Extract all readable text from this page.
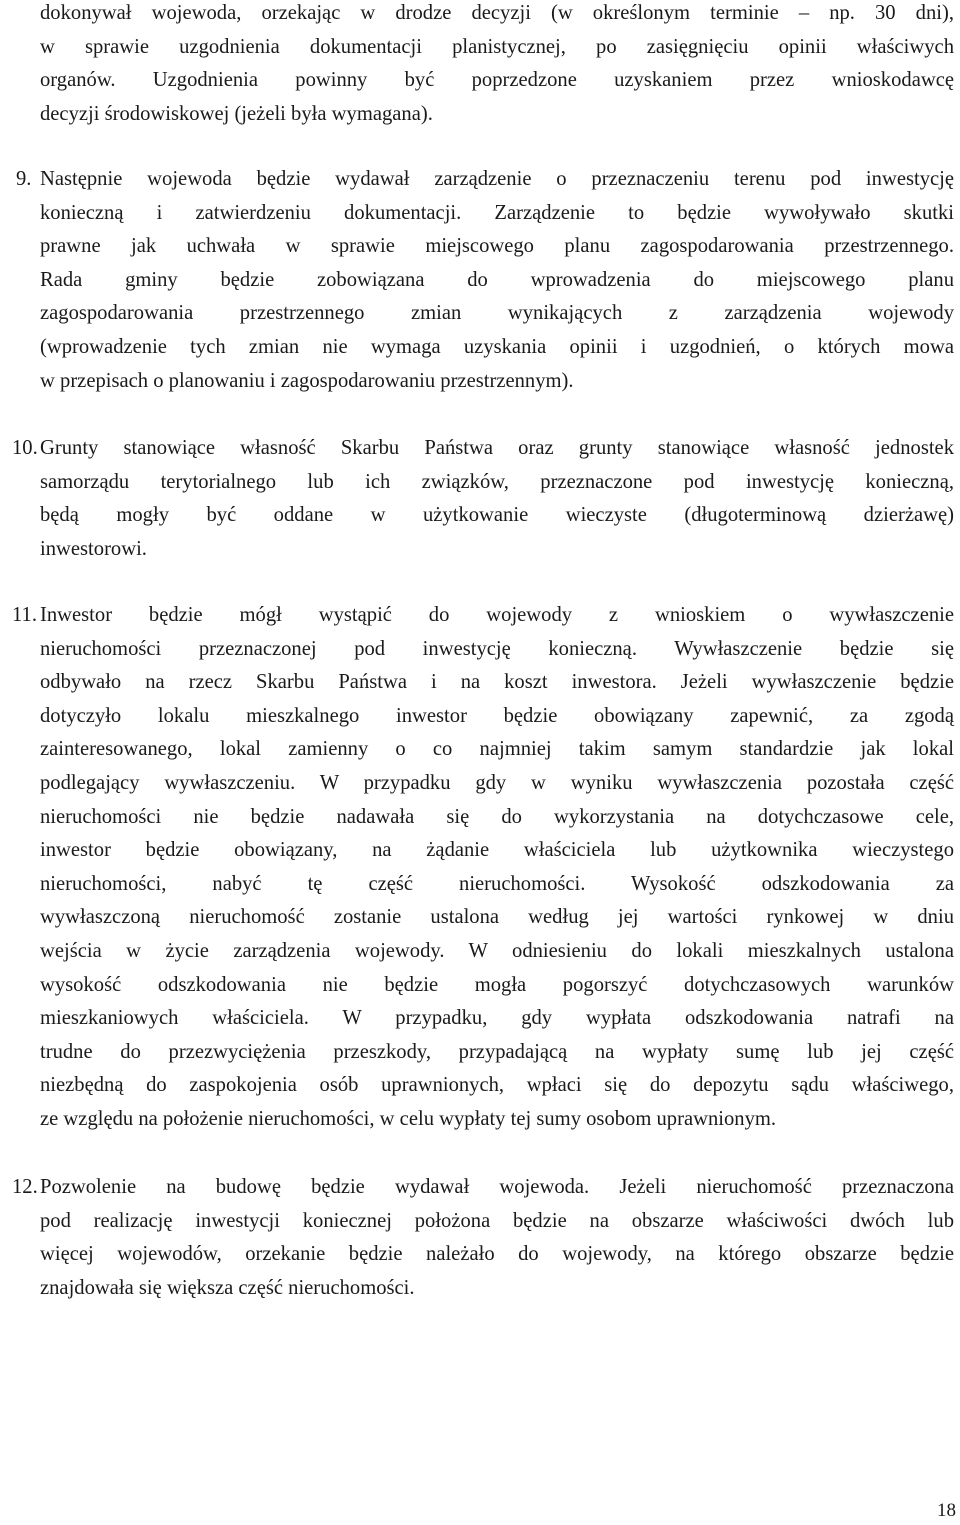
dokonywał wojewoda, orzekając w drodze decyzji (w określonym terminie – np. 30 dni),
w sprawie uzgodnienia dokumentacji planistycznej, po zasięgnięciu opinii właściwych
organów. Uzgodnienia powinny być poprzedzone uzyskaniem przez wnioskodawcę
decyzji środowiskowej (jeżeli była wymagana).
9. Następnie wojewoda będzie wydawał zarządzenie o przeznaczeniu terenu pod inwestycję
konieczną i zatwierdzeniu dokumentacji. Zarządzenie to będzie wywoływało skutki
prawne jak uchwała w sprawie miejscowego planu zagospodarowania przestrzennego.
Rada gminy będzie zobowiązana do wprowadzenia do miejscowego planu
zagospodarowania przestrzennego zmian wynikających z zarządzenia wojewody
(wprowadzenie tych zmian nie wymaga uzyskania opinii i uzgodnień, o których mowa
w przepisach o planowaniu i zagospodarowaniu przestrzennym).
10. Grunty stanowiące własność Skarbu Państwa oraz grunty stanowiące własność jednostek
samorządu terytorialnego lub ich związków, przeznaczone pod inwestycję konieczną,
będą mogły być oddane w użytkowanie wieczyste (długoterminową dzierżawę)
inwestorowi.
11. Inwestor będzie mógł wystąpić do wojewody z wnioskiem o wywłaszczenie
nieruchomości przeznaczonej pod inwestycję konieczną. Wywłaszczenie będzie się
odbywało na rzecz Skarbu Państwa i na koszt inwestora. Jeżeli wywłaszczenie będzie
dotyczyło lokalu mieszkalnego inwestor będzie obowiązany zapewnić, za zgodą
zainteresowanego, lokal zamienny o co najmniej takim samym standardzie jak lokal
podlegający wywłaszczeniu. W przypadku gdy w wyniku wywłaszczenia pozostała część
nieruchomości nie będzie nadawała się do wykorzystania na dotychczasowe cele,
inwestor będzie obowiązany, na żądanie właściciela lub użytkownika wieczystego
nieruchomości, nabyć tę część nieruchomości. Wysokość odszkodowania za
wywłaszczoną nieruchomość zostanie ustalona według jej wartości rynkowej w dniu
wejścia w życie zarządzenia wojewody. W odniesieniu do lokali mieszkalnych ustalona
wysokość odszkodowania nie będzie mogła pogorszyć dotychczasowych warunków
mieszkaniowych właściciela. W przypadku, gdy wypłata odszkodowania natrafi na
trudne do przezwyciężenia przeszkody, przypadającą na wypłaty sumę lub jej część
niezbędną do zaspokojenia osób uprawnionych, wpłaci się do depozytu sądu właściwego,
ze względu na położenie nieruchomości, w celu wypłaty tej sumy osobom uprawnionym.
12. Pozwolenie na budowę będzie wydawał wojewoda. Jeżeli nieruchomość przeznaczona
pod realizację inwestycji koniecznej położona będzie na obszarze właściwości dwóch lub
więcej wojewodów, orzekanie będzie należało do wojewody, na którego obszarze będzie
znajdowała się większa część nieruchomości.
18
